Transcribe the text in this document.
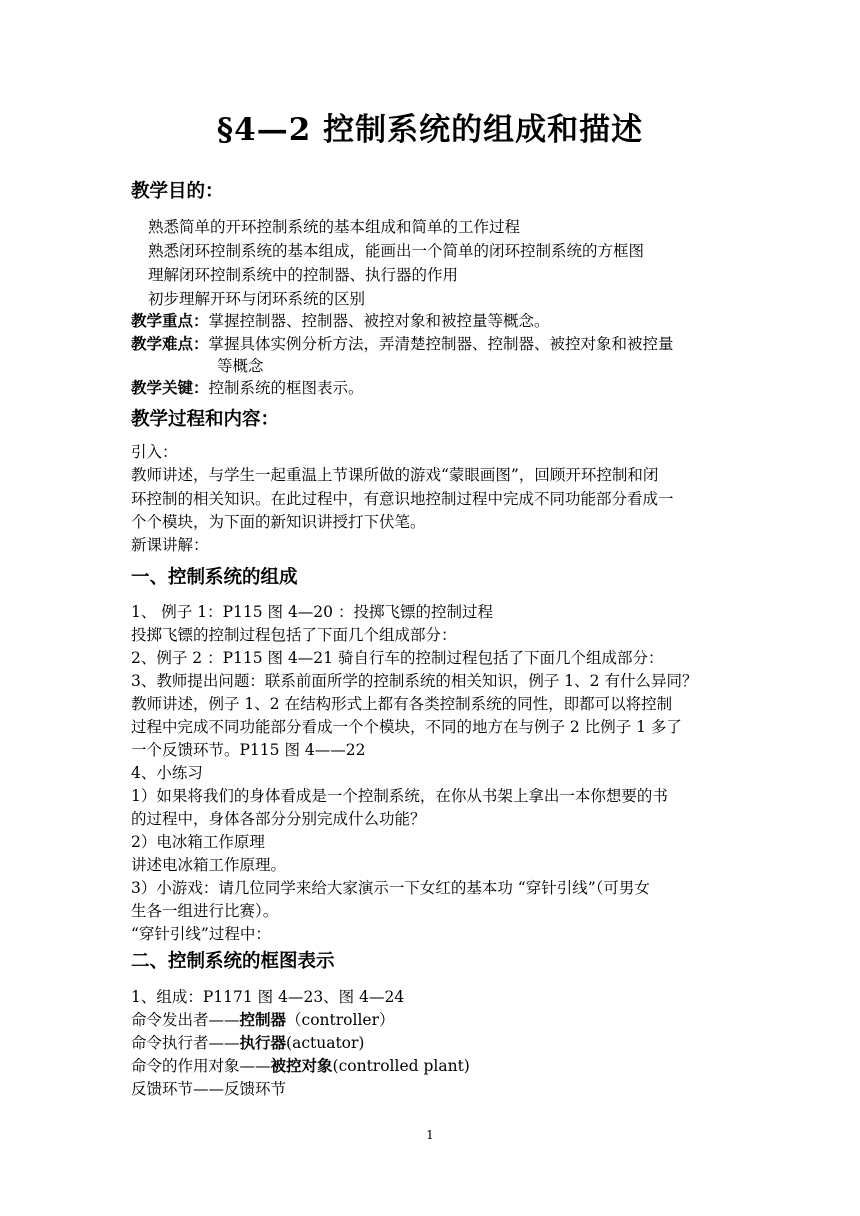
§4—2 控制系统的组成和描述
教学目的：
熟悉简单的开环控制系统的基本组成和简单的工作过程
熟悉闭环控制系统的基本组成，能画出一个简单的闭环控制系统的方框图
理解闭环控制系统中的控制器、执行器的作用
初步理解开环与闭环系统的区别
教学重点：掌握控制器、控制器、被控对象和被控量等概念。
教学难点：掌握具体实例分析方法，弄清楚控制器、控制器、被控对象和被控量
等概念
教学关键：控制系统的框图表示。
教学过程和内容：
引入：
教师讲述，与学生一起重温上节课所做的游戏“蒙眼画图”，回顾开环控制和闭
环控制的相关知识。在此过程中，有意识地控制过程中完成不同功能部分看成一
个个模块，为下面的新知识讲授打下伏笔。
新课讲解：
一、控制系统的组成
1、 例子 1：P115 图 4—20 ：投掷飞镖的控制过程
投掷飞镖的控制过程包括了下面几个组成部分：
2、例子 2 ：P115 图 4—21 骑自行车的控制过程包括了下面几个组成部分：
3、教师提出问题：联系前面所学的控制系统的相关知识，例子 1、2 有什么异同？
教师讲述，例子 1、2 在结构形式上都有各类控制系统的同性，即都可以将控制
过程中完成不同功能部分看成一个个模块，不同的地方在与例子 2 比例子 1 多了
一个反馈环节。P115 图 4——22
4、小练习
1）如果将我们的身体看成是一个控制系统，在你从书架上拿出一本你想要的书
的过程中，身体各部分分别完成什么功能？
2）电冰箱工作原理
讲述电冰箱工作原理。
3）小游戏：请几位同学来给大家演示一下女红的基本功 “穿针引线”（可男女
生各一组进行比赛）。
“穿针引线”过程中：
二、控制系统的框图表示
1、组成：P1171 图 4—23、图 4—24
命令发出者——控制器（controller）
命令执行者——执行器(actuator)
命令的作用对象——被控对象(controlled plant)
反馈环节——反馈环节
1
